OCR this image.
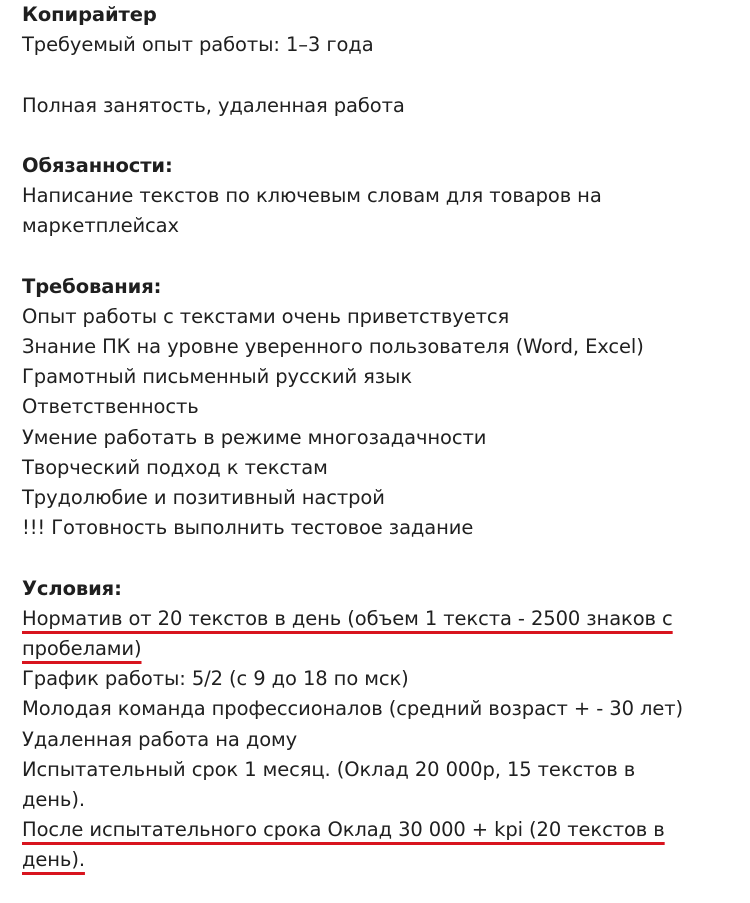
Копирайтер
Требуемый опыт работы: 1–3 года
Полная занятость, удаленная работа
Обязанности:
Написание текстов по ключевым словам для товаров на
маркетплейсах
Требования:
Опыт работы с текстами очень приветствуется
Знание ПК на уровне уверенного пользователя (Word, Excel)
Грамотный письменный русский язык
Ответственность
Умение работать в режиме многозадачности
Творческий подход к текстам
Трудолюбие и позитивный настрой
!!! Готовность выполнить тестовое задание
Условия:
Норматив от 20 текстов в день (объем 1 текста - 2500 знаков с
пробелами)
График работы: 5/2 (с 9 до 18 по мск)
Молодая команда профессионалов (средний возраст + - 30 лет)
Удаленная работа на дому
Испытательный срок 1 месяц. (Оклад 20 000р, 15 текстов в
день).
После испытательного срока Оклад 30 000 + kpi (20 текстов в
день).
